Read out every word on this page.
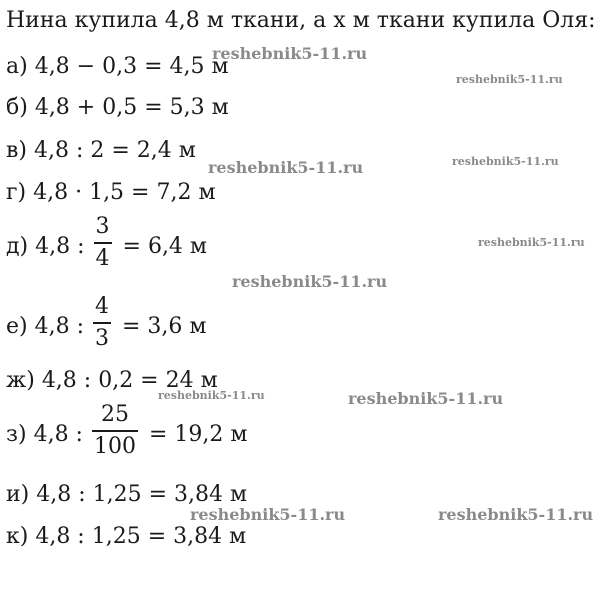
Нина купила 4,8 м ткани, а x м ткани купила Оля:
а) 4,8 − 0,3 = 4,5 м
б) 4,8 + 0,5 = 5,3 м
в) 4,8 : 2 = 2,4 м
г) 4,8 · 1,5 = 7,2 м
д) 4,8 : $\frac{3}{4} = 6,4$ м
е) 4,8 : $\frac{4}{3} = 3,6$ м
ж) 4,8 : 0,2 = 24 м
з) 4,8 : $\frac{25}{100} = 19,2$ м
и) 4,8 : 1,25 = 3,84 м
к) 4,8 : 1,25 = 3,84 м
reshebnik5-11.ru
reshebnik5-11.ru
reshebnik5-11.ru	reshebnik5-11.ru
reshebnik5-11.ru
reshebnik5-11.ru
reshebnik5-11.ru	reshebnik5-11.ru
reshebnik5-11.ru	reshebnik5-11.ru
